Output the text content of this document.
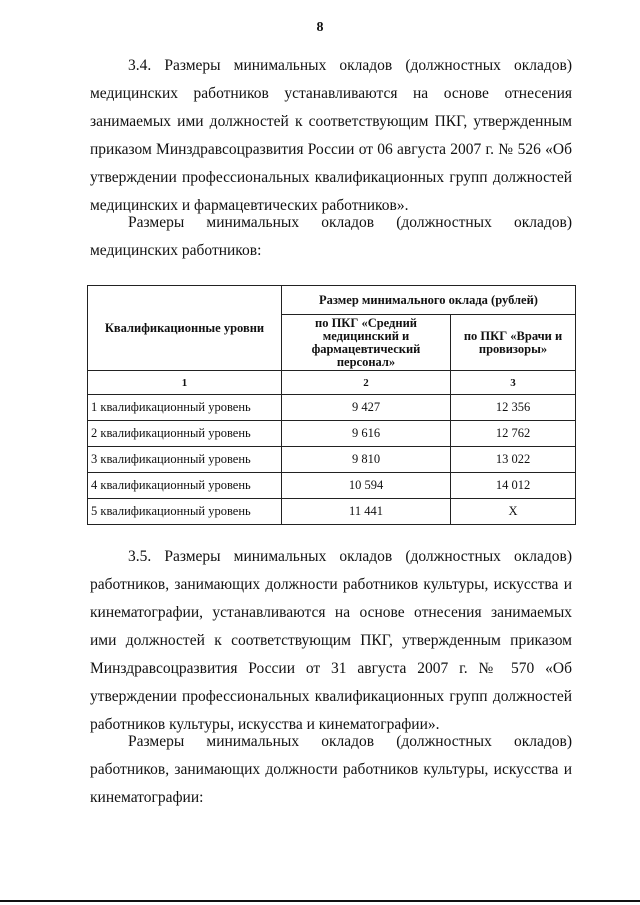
8

3.4. Размеры минимальных окладов (должностных окладов) медицинских работников устанавливаются на основе отнесения занимаемых ими должностей к соответствующим ПКГ, утвержденным приказом Минздравсоцразвития России от 06 августа 2007 г. № 526 «Об утверждении профессиональных квалификационных групп должностей медицинских и фармацевтических работников».

Размеры минимальных окладов (должностных окладов) медицинских работников:

Квалификационные уровни	Размер минимального оклада (рублей)	
	по ПКГ «Средний медицинский и фармацевтический персонал»	по ПКГ «Врачи и провизоры»
1	2	3
1 квалификационный уровень	9 427	12 356
2 квалификационный уровень	9 616	12 762
3 квалификационный уровень	9 810	13 022
4 квалификационный уровень	10 594	14 012
5 квалификационный уровень	11 441	Х

3.5. Размеры минимальных окладов (должностных окладов) работников, занимающих должности работников культуры, искусства и кинематографии, устанавливаются на основе отнесения занимаемых ими должностей к соответствующим ПКГ, утвержденным приказом Минздравсоцразвития России от 31 августа 2007 г. № 570 «Об утверждении профессиональных квалификационных групп должностей работников культуры, искусства и кинематографии».

Размеры минимальных окладов (должностных окладов) работников, занимающих должности работников культуры, искусства и кинематографии:
